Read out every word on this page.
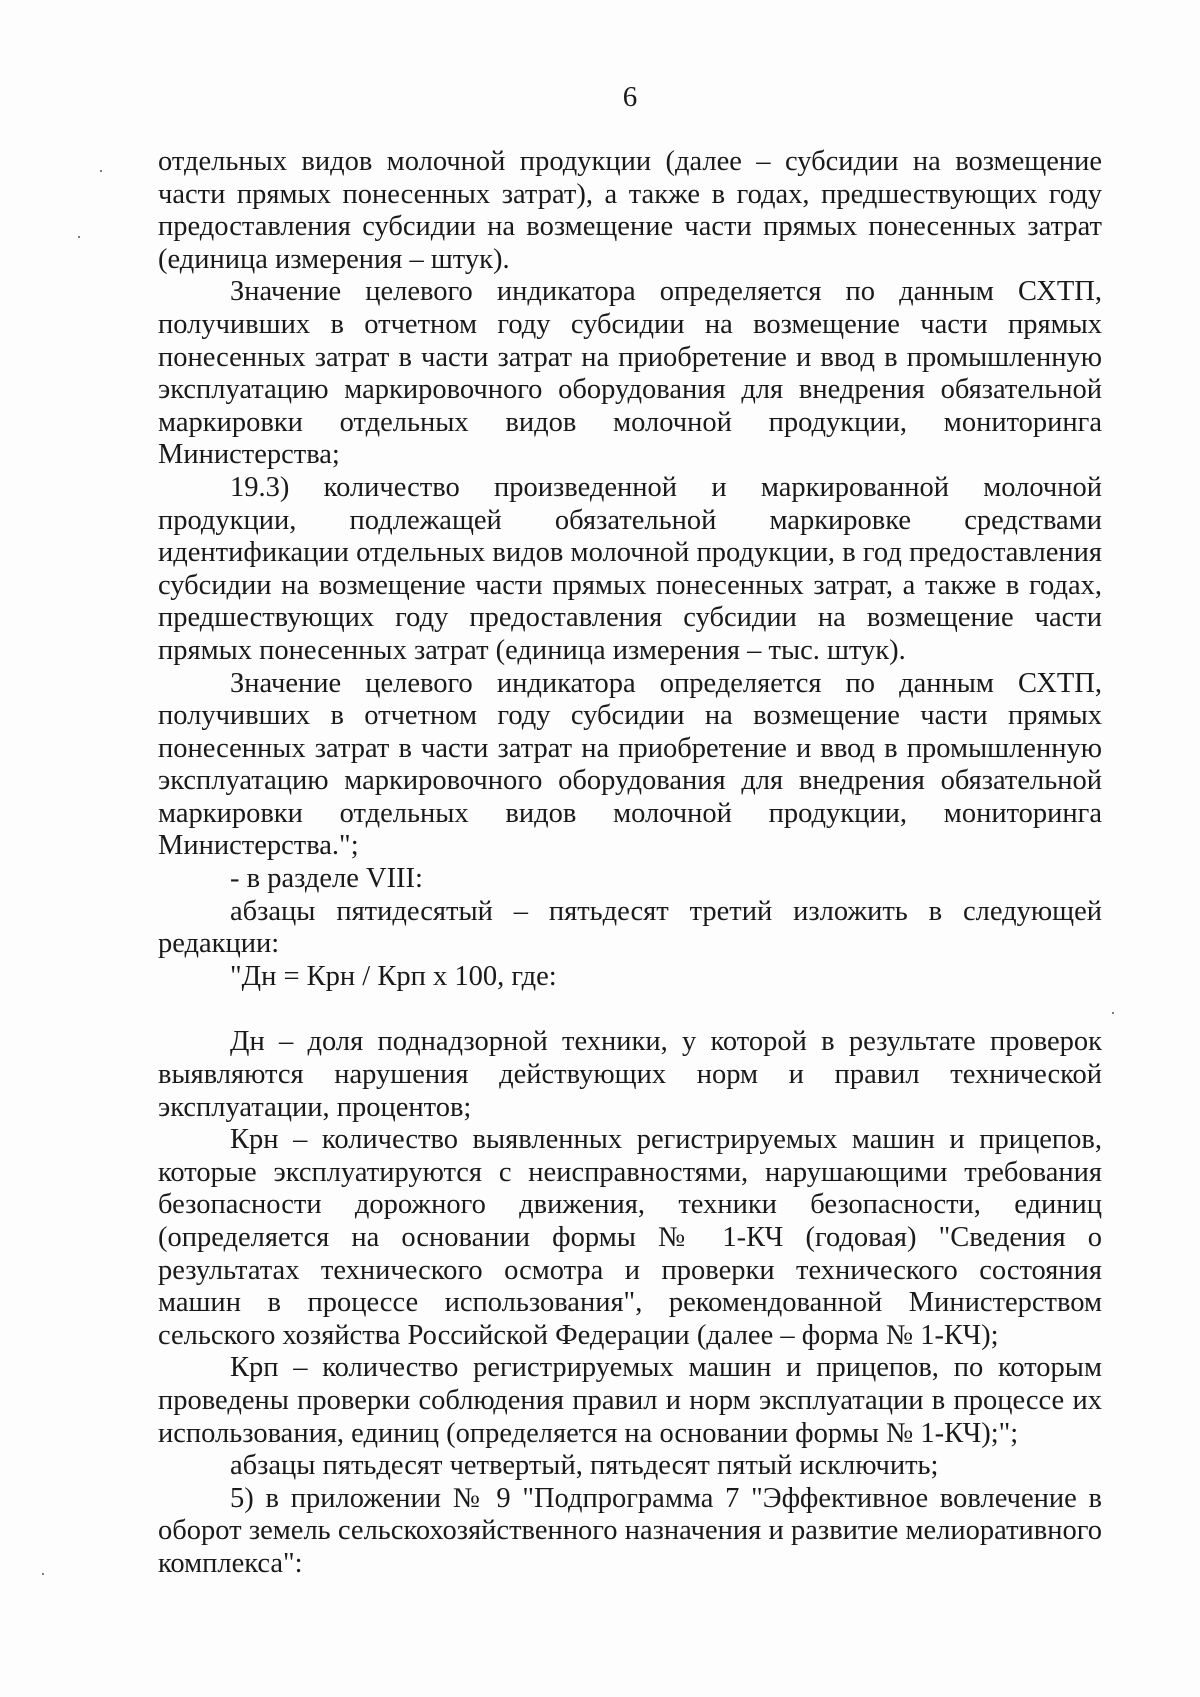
6

отдельных видов молочной продукции (далее – субсидии на возмещение части прямых понесенных затрат), а также в годах, предшествующих году предоставления субсидии на возмещение части прямых понесенных затрат (единица измерения – штук).

Значение целевого индикатора определяется по данным СХТП, получивших в отчетном году субсидии на возмещение части прямых понесенных затрат в части затрат на приобретение и ввод в промышленную эксплуатацию маркировочного оборудования для внедрения обязательной маркировки отдельных видов молочной продукции, мониторинга Министерства;

19.3) количество произведенной и маркированной молочной продукции, подлежащей обязательной маркировке средствами идентификации отдельных видов молочной продукции, в год предоставления субсидии на возмещение части прямых понесенных затрат, а также в годах, предшествующих году предоставления субсидии на возмещение части прямых понесенных затрат (единица измерения – тыс. штук).

Значение целевого индикатора определяется по данным СХТП, получивших в отчетном году субсидии на возмещение части прямых понесенных затрат в части затрат на приобретение и ввод в промышленную эксплуатацию маркировочного оборудования для внедрения обязательной маркировки отдельных видов молочной продукции, мониторинга Министерства.";

- в разделе VIII:

абзацы пятидесятый – пятьдесят третий изложить в следующей редакции:

"Дн = Крн / Крп х 100, где:

Дн – доля поднадзорной техники, у которой в результате проверок выявляются нарушения действующих норм и правил технической эксплуатации, процентов;

Крн – количество выявленных регистрируемых машин и прицепов, которые эксплуатируются с неисправностями, нарушающими требования безопасности дорожного движения, техники безопасности, единиц (определяется на основании формы № 1-КЧ (годовая) "Сведения о результатах технического осмотра и проверки технического состояния машин в процессе использования", рекомендованной Министерством сельского хозяйства Российской Федерации (далее – форма № 1-КЧ);

Крп – количество регистрируемых машин и прицепов, по которым проведены проверки соблюдения правил и норм эксплуатации в процессе их использования, единиц (определяется на основании формы № 1-КЧ);";

абзацы пятьдесят четвертый, пятьдесят пятый исключить;

5) в приложении № 9 "Подпрограмма 7 "Эффективное вовлечение в оборот земель сельскохозяйственного назначения и развитие мелиоративного комплекса":
